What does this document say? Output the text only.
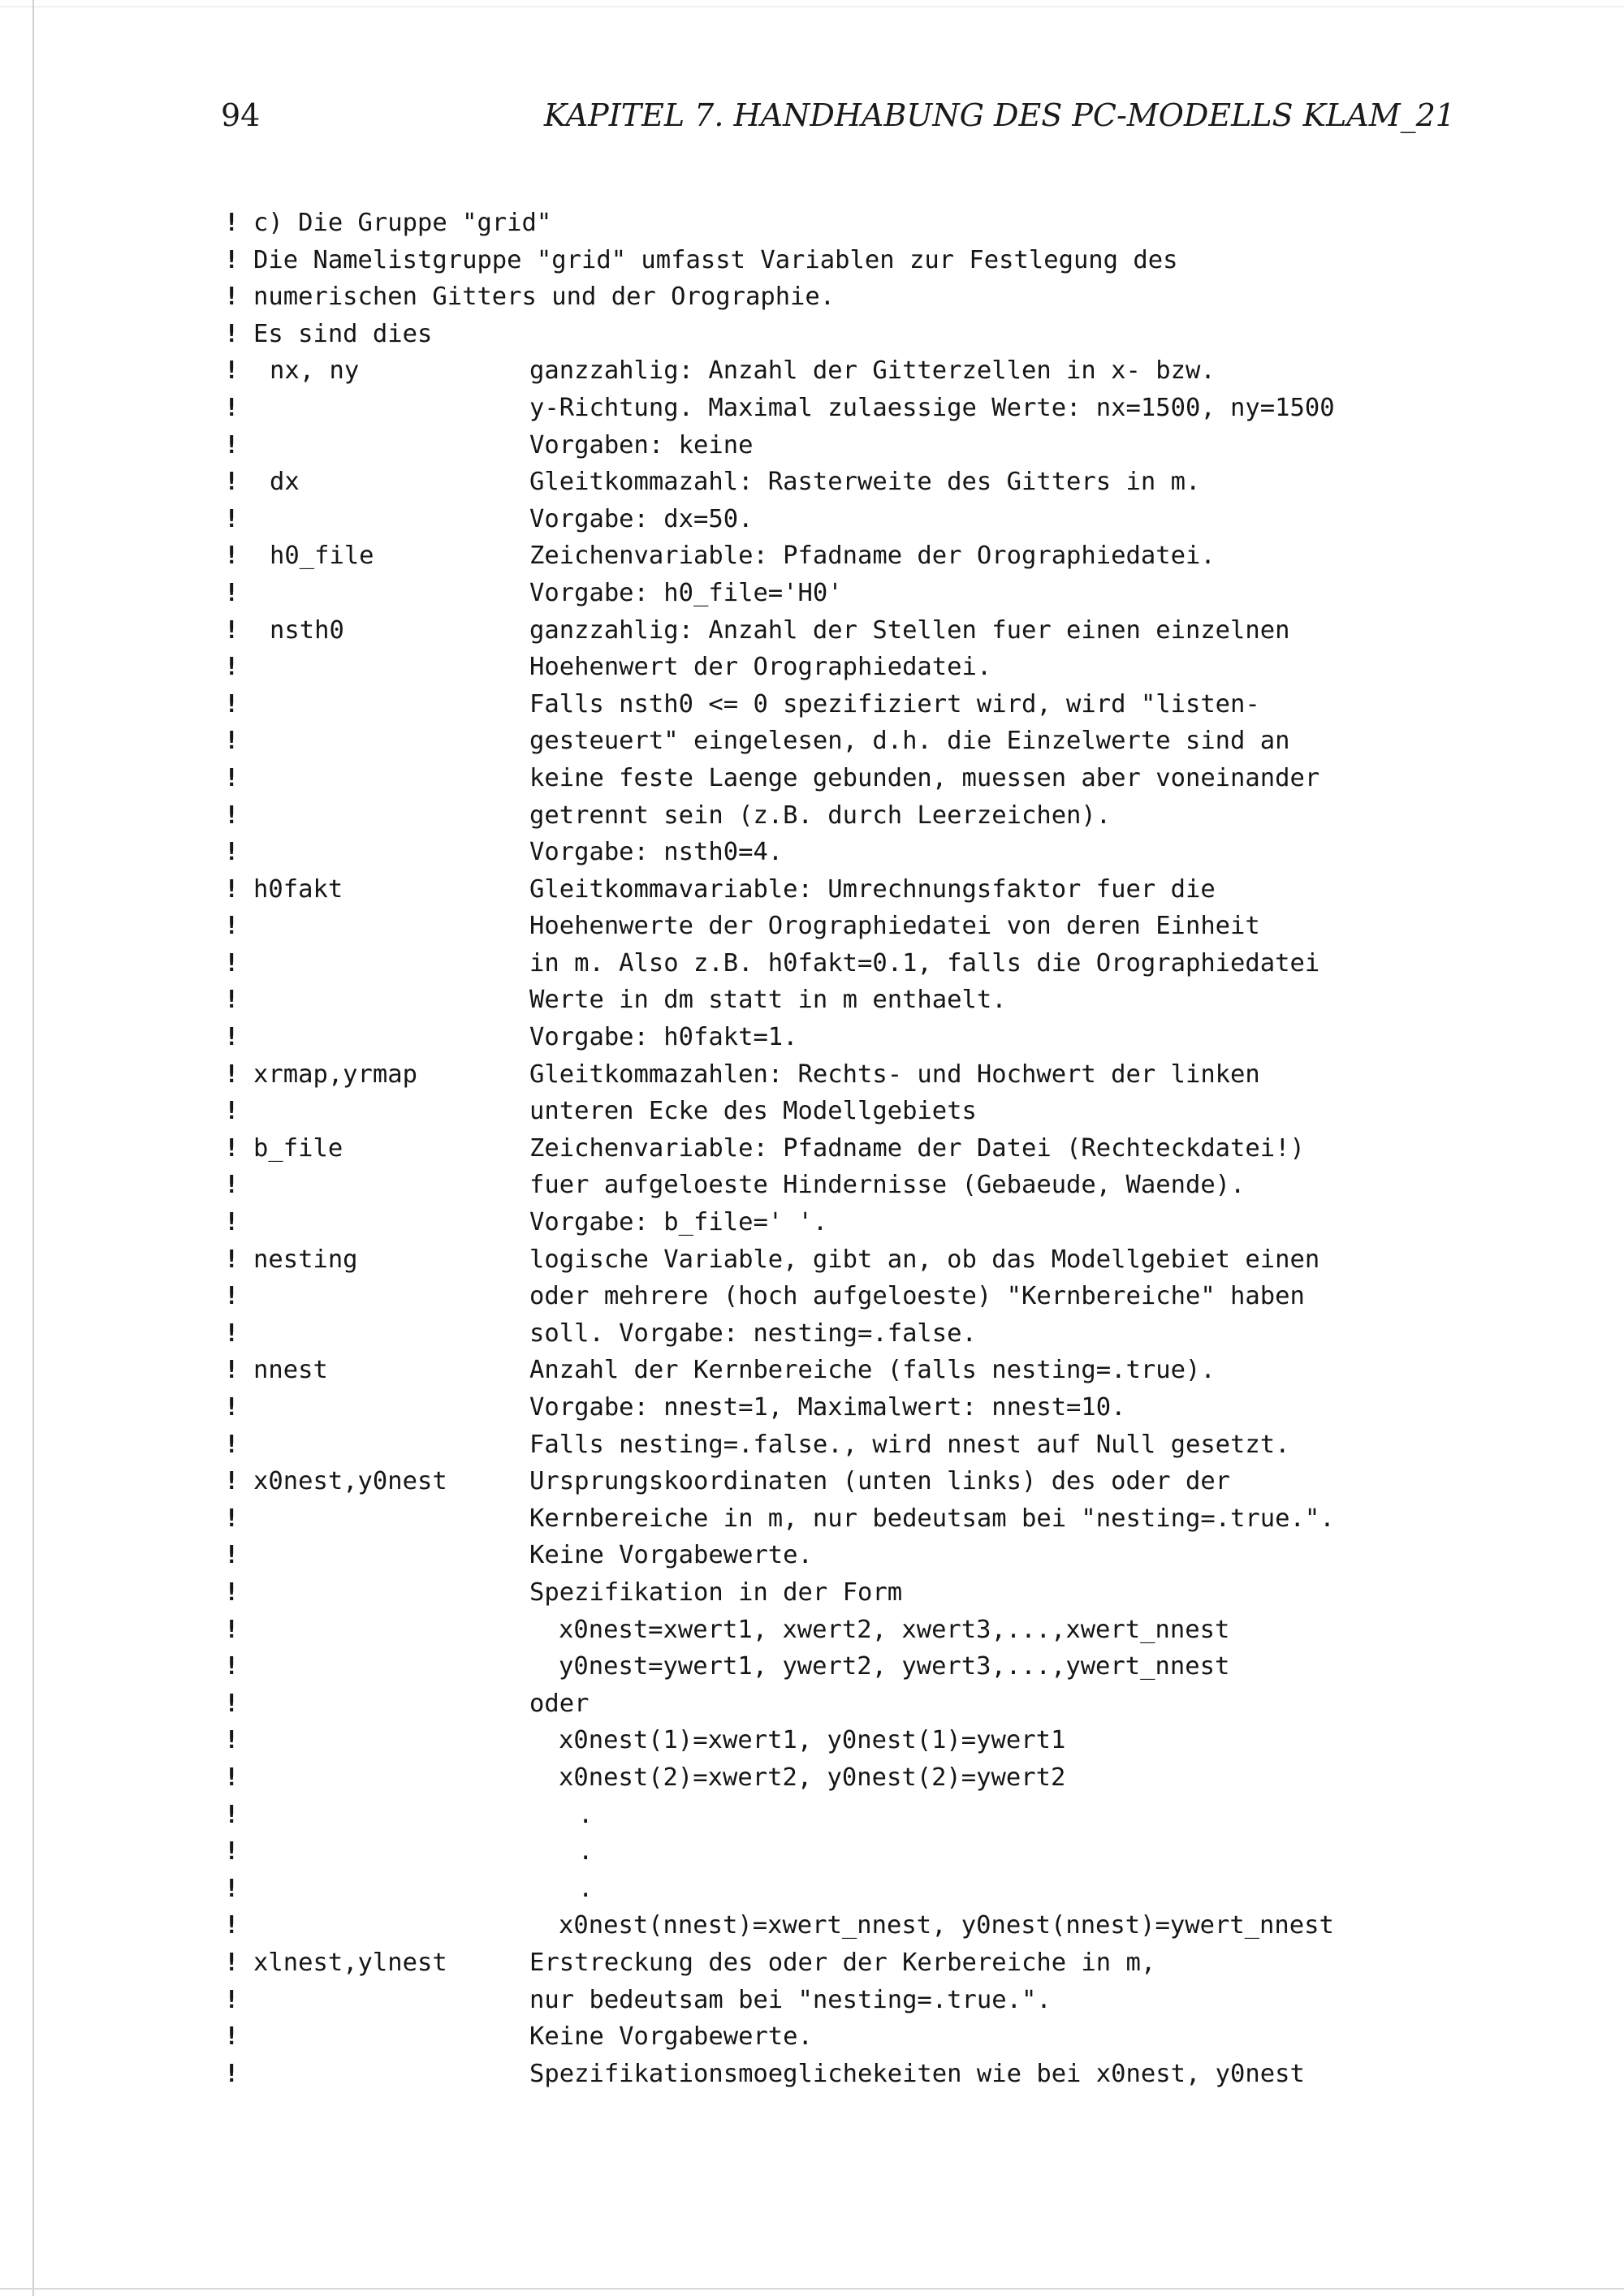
94	KAPITEL 7. HANDHABUNG DES PC-MODELLS KLAM_21
! c) Die Gruppe "grid"
! Die Namelistgruppe "grid" umfasst Variablen zur Festlegung des
! numerischen Gitters und der Orographie.
! Es sind dies
! nx, ny	ganzzahlig: Anzahl der Gitterzellen in x- bzw.
!	y-Richtung. Maximal zulaessige Werte: nx=1500, ny=1500
!	Vorgaben: keine
! dx	Gleitkommazahl: Rasterweite des Gitters in m.
!	Vorgabe: dx=50.
! h0_file	Zeichenvariable: Pfadname der Orographiedatei.
!	Vorgabe: h0_file='H0'
! nsth0	ganzzahlig: Anzahl der Stellen fuer einen einzelnen
!	Hoehenwert der Orographiedatei.
!	Falls nsth0 <= 0 spezifiziert wird, wird "listen-
!	gesteuert" eingelesen, d.h. die Einzelwerte sind an
!	keine feste Laenge gebunden, muessen aber voneinander
!	getrennt sein (z.B. durch Leerzeichen).
!	Vorgabe: nsth0=4.
! h0fakt	Gleitkommavariable: Umrechnungsfaktor fuer die
!	Hoehenwerte der Orographiedatei von deren Einheit
!	in m. Also z.B. h0fakt=0.1, falls die Orographiedatei
!	Werte in dm statt in m enthaelt.
!	Vorgabe: h0fakt=1.
! xrmap,yrmap	Gleitkommazahlen: Rechts- und Hochwert der linken
!	unteren Ecke des Modellgebiets
! b_file	Zeichenvariable: Pfadname der Datei (Rechteckdatei!)
!	fuer aufgeloeste Hindernisse (Gebaeude, Waende).
!	Vorgabe: b_file=' '.
! nesting	logische Variable, gibt an, ob das Modellgebiet einen
!	oder mehrere (hoch aufgeloeste) "Kernbereiche" haben
!	soll. Vorgabe: nesting=.false.
! nnest	Anzahl der Kernbereiche (falls nesting=.true).
!	Vorgabe: nnest=1, Maximalwert: nnest=10.
!	Falls nesting=.false., wird nnest auf Null gesetzt.
! x0nest,y0nest	Ursprungskoordinaten (unten links) des oder der
!	Kernbereiche in m, nur bedeutsam bei "nesting=.true.".
!	Keine Vorgabewerte.
!	Spezifikation in der Form
!	x0nest=xwert1, xwert2, xwert3,...,xwert_nnest
!	y0nest=ywert1, ywert2, ywert3,...,ywert_nnest
!	oder
!	x0nest(1)=xwert1, y0nest(1)=ywert1
!	x0nest(2)=xwert2, y0nest(2)=ywert2
!	.
!	.
!	.
!	x0nest(nnest)=xwert_nnest, y0nest(nnest)=ywert_nnest
! xlnest,ylnest	Erstreckung des oder der Kerbereiche in m,
!	nur bedeutsam bei "nesting=.true.".
!	Keine Vorgabewerte.
!	Spezifikationsmoeglichekeiten wie bei x0nest, y0nest
